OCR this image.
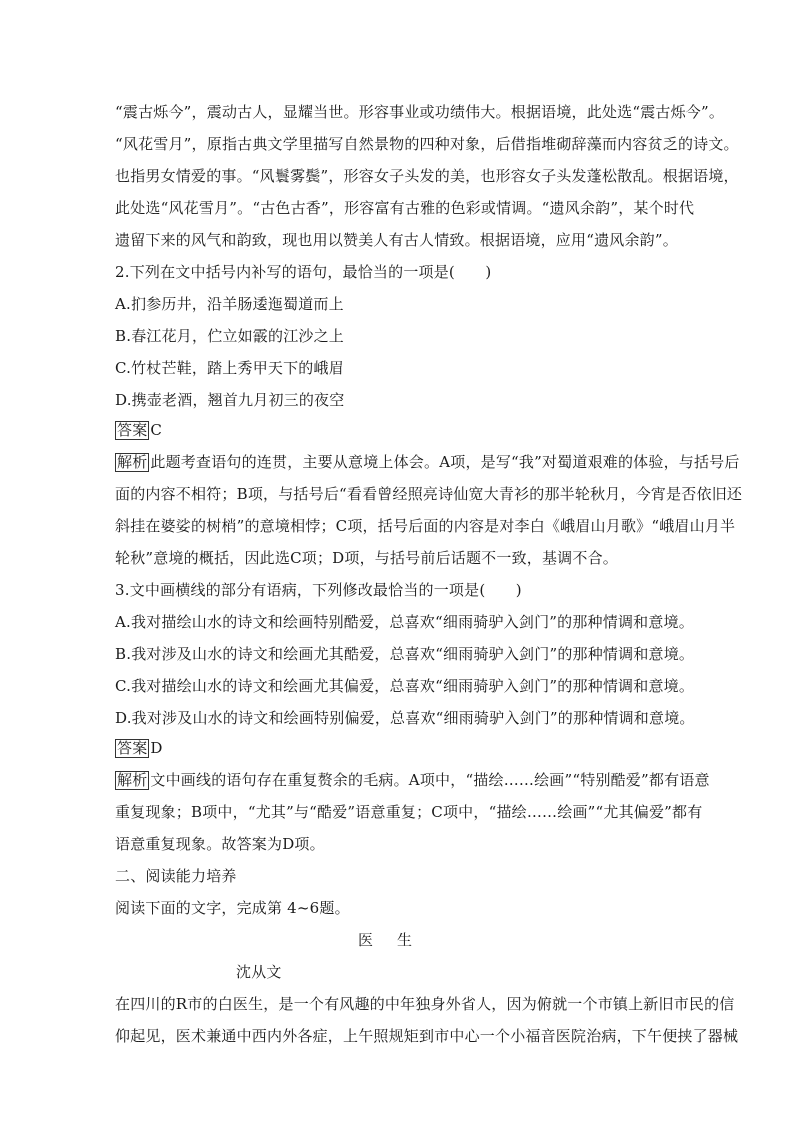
“震古烁今”，震动古人，显耀当世。形容事业或功绩伟大。根据语境，此处选“震古烁今”。
“风花雪月”，原指古典文学里描写自然景物的四种对象，后借指堆砌辞藻而内容贫乏的诗文。
也指男女情爱的事。“风鬟雾鬓”，形容女子头发的美，也形容女子头发蓬松散乱。根据语境，
此处选“风花雪月”。“古色古香”，形容富有古雅的色彩或情调。“遗风余韵”，某个时代
遗留下来的风气和韵致，现也用以赞美人有古人情致。根据语境，应用“遗风余韵”。
2.下列在文中括号内补写的语句，最恰当的一项是(　　)
A.扪参历井，沿羊肠逶迤蜀道而上
B.春江花月，伫立如霰的江沙之上
C.竹杖芒鞋，踏上秀甲天下的峨眉
D.携壶老酒，翘首九月初三的夜空
答案 C
解析 此题考查语句的连贯，主要从意境上体会。A项，是写“我”对蜀道艰难的体验，与括号后
面的内容不相符；B项，与括号后“看看曾经照亮诗仙宽大青衫的那半轮秋月，今宵是否依旧还
斜挂在婆娑的树梢”的意境相悖；C项，括号后面的内容是对李白《峨眉山月歌》“峨眉山月半
轮秋”意境的概括，因此选C项；D项，与括号前后话题不一致，基调不合。
3.文中画横线的部分有语病，下列修改最恰当的一项是(　　)
A.我对描绘山水的诗文和绘画特别酷爱，总喜欢“细雨骑驴入剑门”的那种情调和意境。
B.我对涉及山水的诗文和绘画尤其酷爱，总喜欢“细雨骑驴入剑门”的那种情调和意境。
C.我对描绘山水的诗文和绘画尤其偏爱，总喜欢“细雨骑驴入剑门”的那种情调和意境。
D.我对涉及山水的诗文和绘画特别偏爱，总喜欢“细雨骑驴入剑门”的那种情调和意境。
答案 D
解析 文中画线的语句存在重复赘余的毛病。A项中，“描绘……绘画”“特别酷爱”都有语意
重复现象；B项中，“尤其”与“酷爱”语意重复；C项中，“描绘……绘画”“尤其偏爱”都有
语意重复现象。故答案为D项。
二、阅读能力培养
阅读下面的文字，完成第 4~6题。
医生
沈从文
在四川的R市的白医生，是一个有风趣的中年独身外省人，因为俯就一个市镇上新旧市民的信
仰起见，医术兼通中西内外各症，上午照规矩到市中心一个小福音医院治病，下午便挟了器械
